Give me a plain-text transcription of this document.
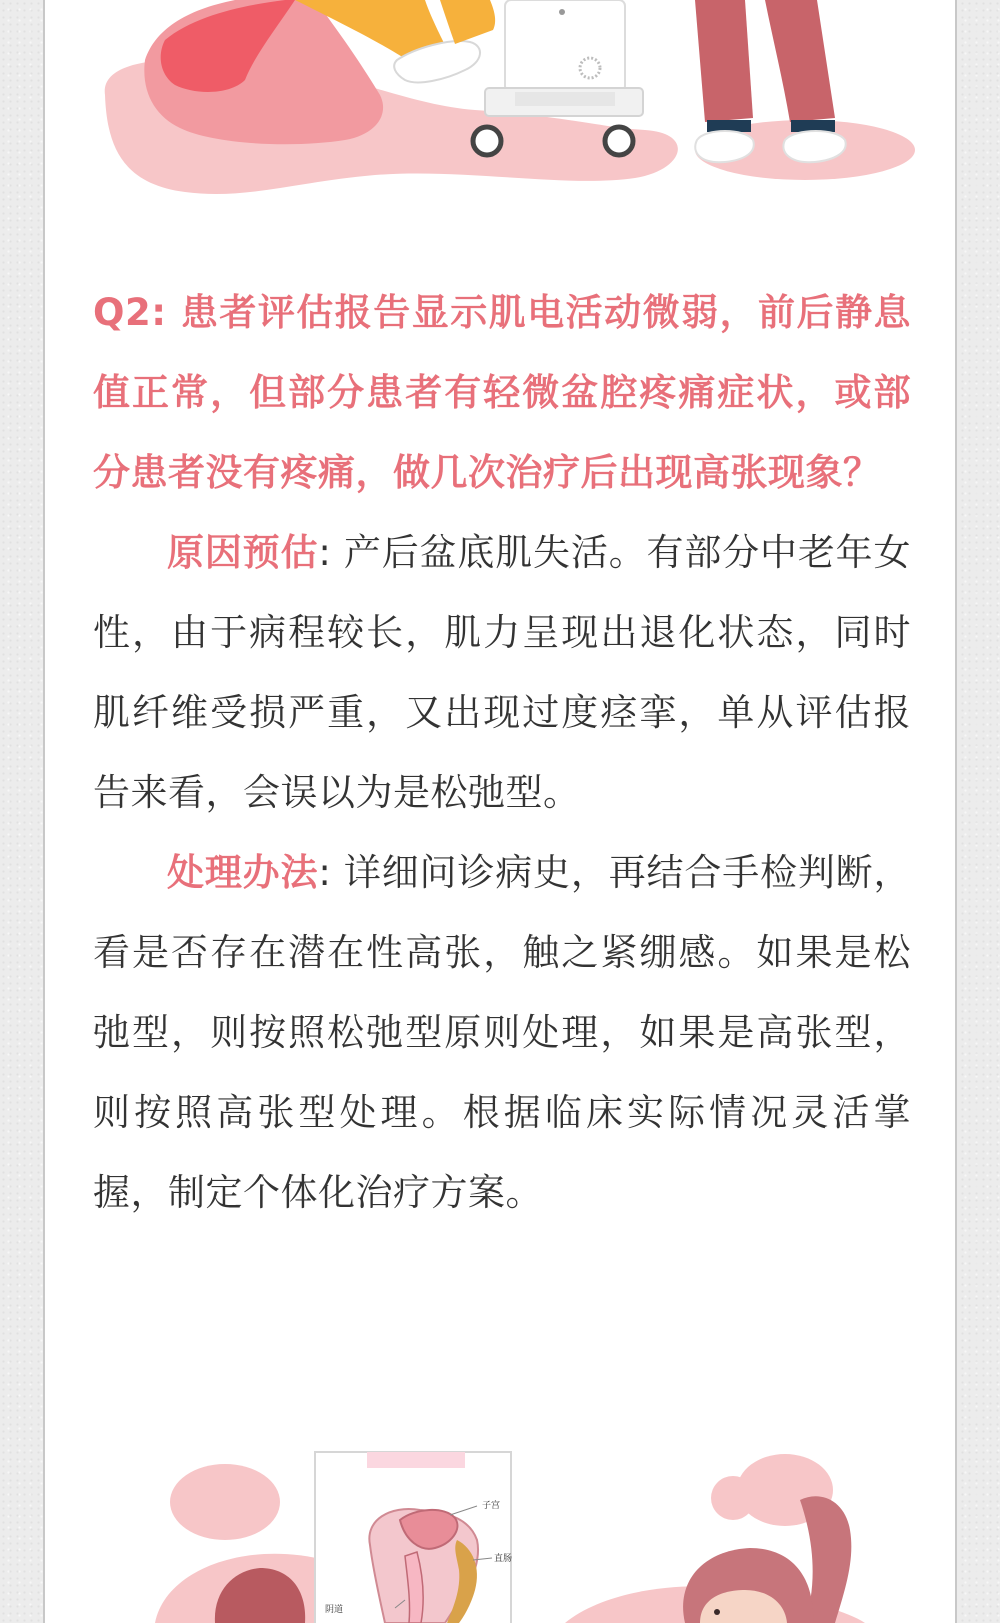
Q2: 患者评估报告显示肌电活动微弱，前后静息值正常，但部分患者有轻微盆腔疼痛症状，或部分患者没有疼痛，做几次治疗后出现高张现象？

原因预估: 产后盆底肌失活。有部分中老年女性，由于病程较长，肌力呈现出退化状态，同时肌纤维受损严重，又出现过度痉挛，单从评估报告来看，会误以为是松弛型。

处理办法: 详细问诊病史，再结合手检判断，看是否存在潜在性高张，触之紧绷感。如果是松弛型，则按照松弛型原则处理，如果是高张型，则按照高张型处理。根据临床实际情况灵活掌握，制定个体化治疗方案。

子宫
直肠
阴道
